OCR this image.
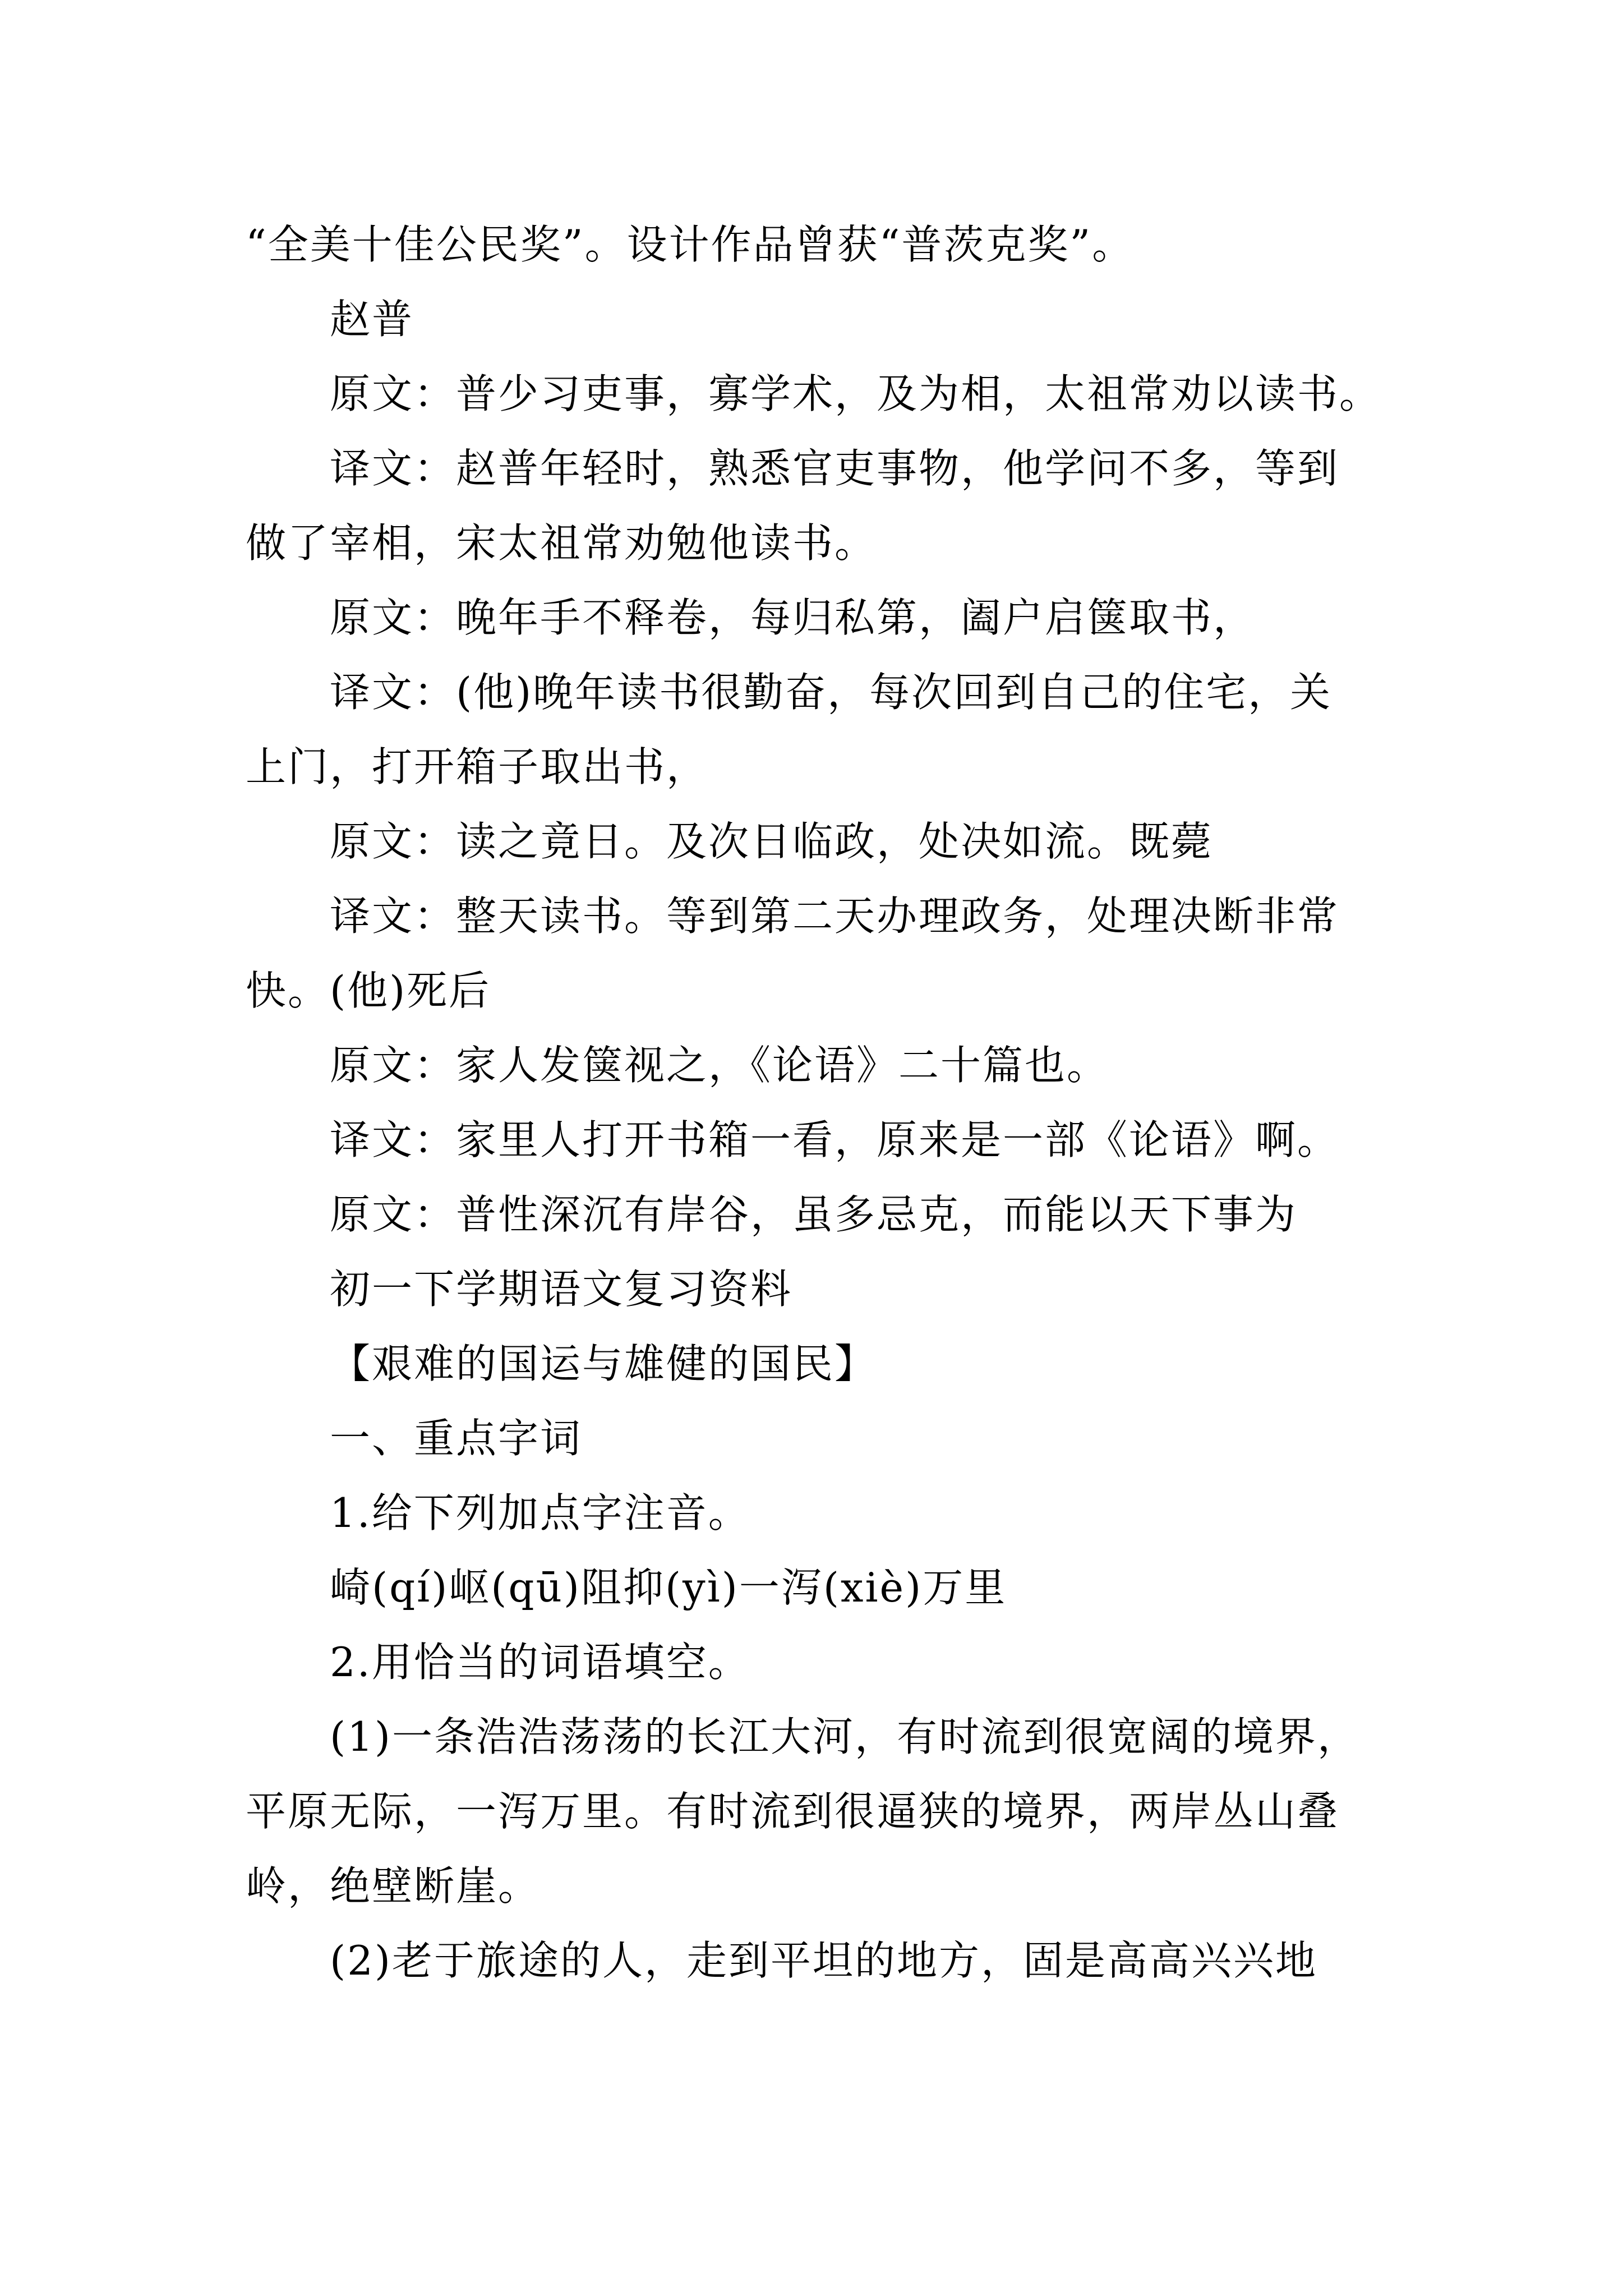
“全美十佳公民奖”。设计作品曾获“普茨克奖”。
赵普
原文：普少习吏事，寡学术，及为相，太祖常劝以读书。
译文：赵普年轻时，熟悉官吏事物，他学问不多，等到
做了宰相，宋太祖常劝勉他读书。
原文：晚年手不释卷，每归私第，阖户启箧取书，
译文：(他)晚年读书很勤奋，每次回到自己的住宅，关
上门，打开箱子取出书，
原文：读之竟日。及次日临政，处决如流。既薨
译文：整天读书。等到第二天办理政务，处理决断非常
快。(他)死后
原文：家人发箧视之，《论语》二十篇也。
译文：家里人打开书箱一看，原来是一部《论语》啊。
原文：普性深沉有岸谷，虽多忌克，而能以天下事为
初一下学期语文复习资料
【艰难的国运与雄健的国民】
一、重点字词
1.给下列加点字注音。
崎(qí)岖(qū)阻抑(yì)一泻(xiè)万里
2.用恰当的词语填空。
(1)一条浩浩荡荡的长江大河，有时流到很宽阔的境界，
平原无际，一泻万里。有时流到很逼狭的境界，两岸丛山叠
岭，绝壁断崖。
(2)老于旅途的人，走到平坦的地方，固是高高兴兴地
